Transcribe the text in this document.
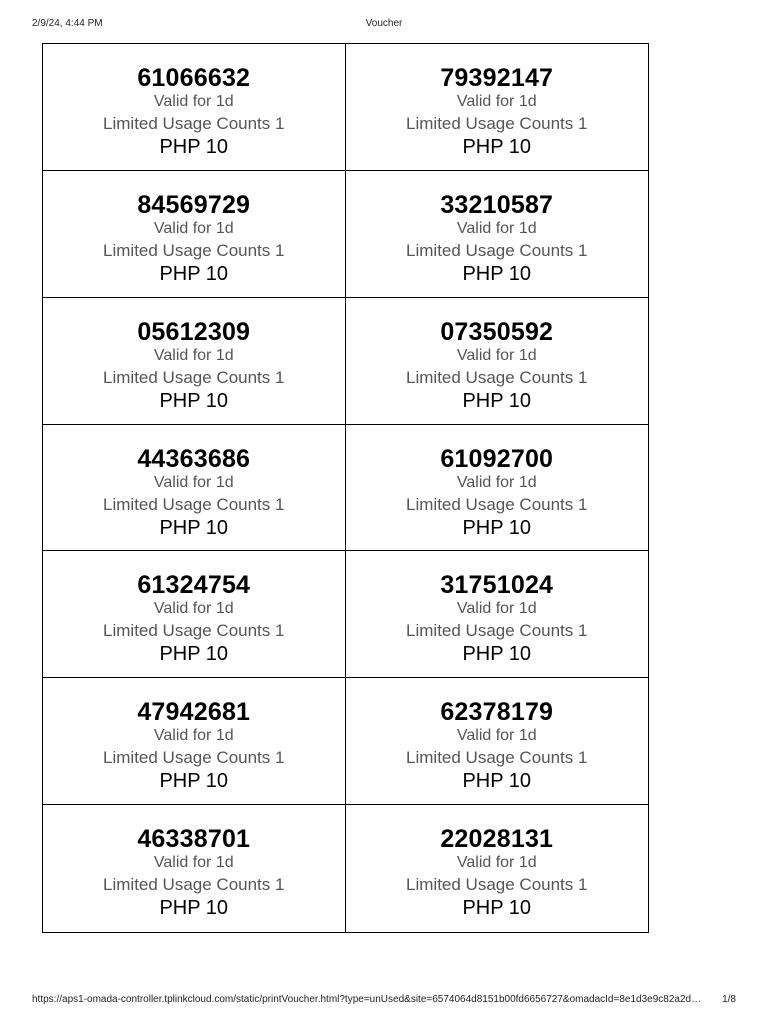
2/9/24, 4:44 PM	Voucher
61066632
Valid for 1d
Limited Usage Counts 1
PHP 10
79392147
Valid for 1d
Limited Usage Counts 1
PHP 10
84569729
Valid for 1d
Limited Usage Counts 1
PHP 10
33210587
Valid for 1d
Limited Usage Counts 1
PHP 10
05612309
Valid for 1d
Limited Usage Counts 1
PHP 10
07350592
Valid for 1d
Limited Usage Counts 1
PHP 10
44363686
Valid for 1d
Limited Usage Counts 1
PHP 10
61092700
Valid for 1d
Limited Usage Counts 1
PHP 10
61324754
Valid for 1d
Limited Usage Counts 1
PHP 10
31751024
Valid for 1d
Limited Usage Counts 1
PHP 10
47942681
Valid for 1d
Limited Usage Counts 1
PHP 10
62378179
Valid for 1d
Limited Usage Counts 1
PHP 10
46338701
Valid for 1d
Limited Usage Counts 1
PHP 10
22028131
Valid for 1d
Limited Usage Counts 1
PHP 10
https://aps1-omada-controller.tplinkcloud.com/static/printVoucher.html?type=unUsed&site=6574064d8151b00fd6656727&omadacId=8e1d3e9c82a2d…	1/8
